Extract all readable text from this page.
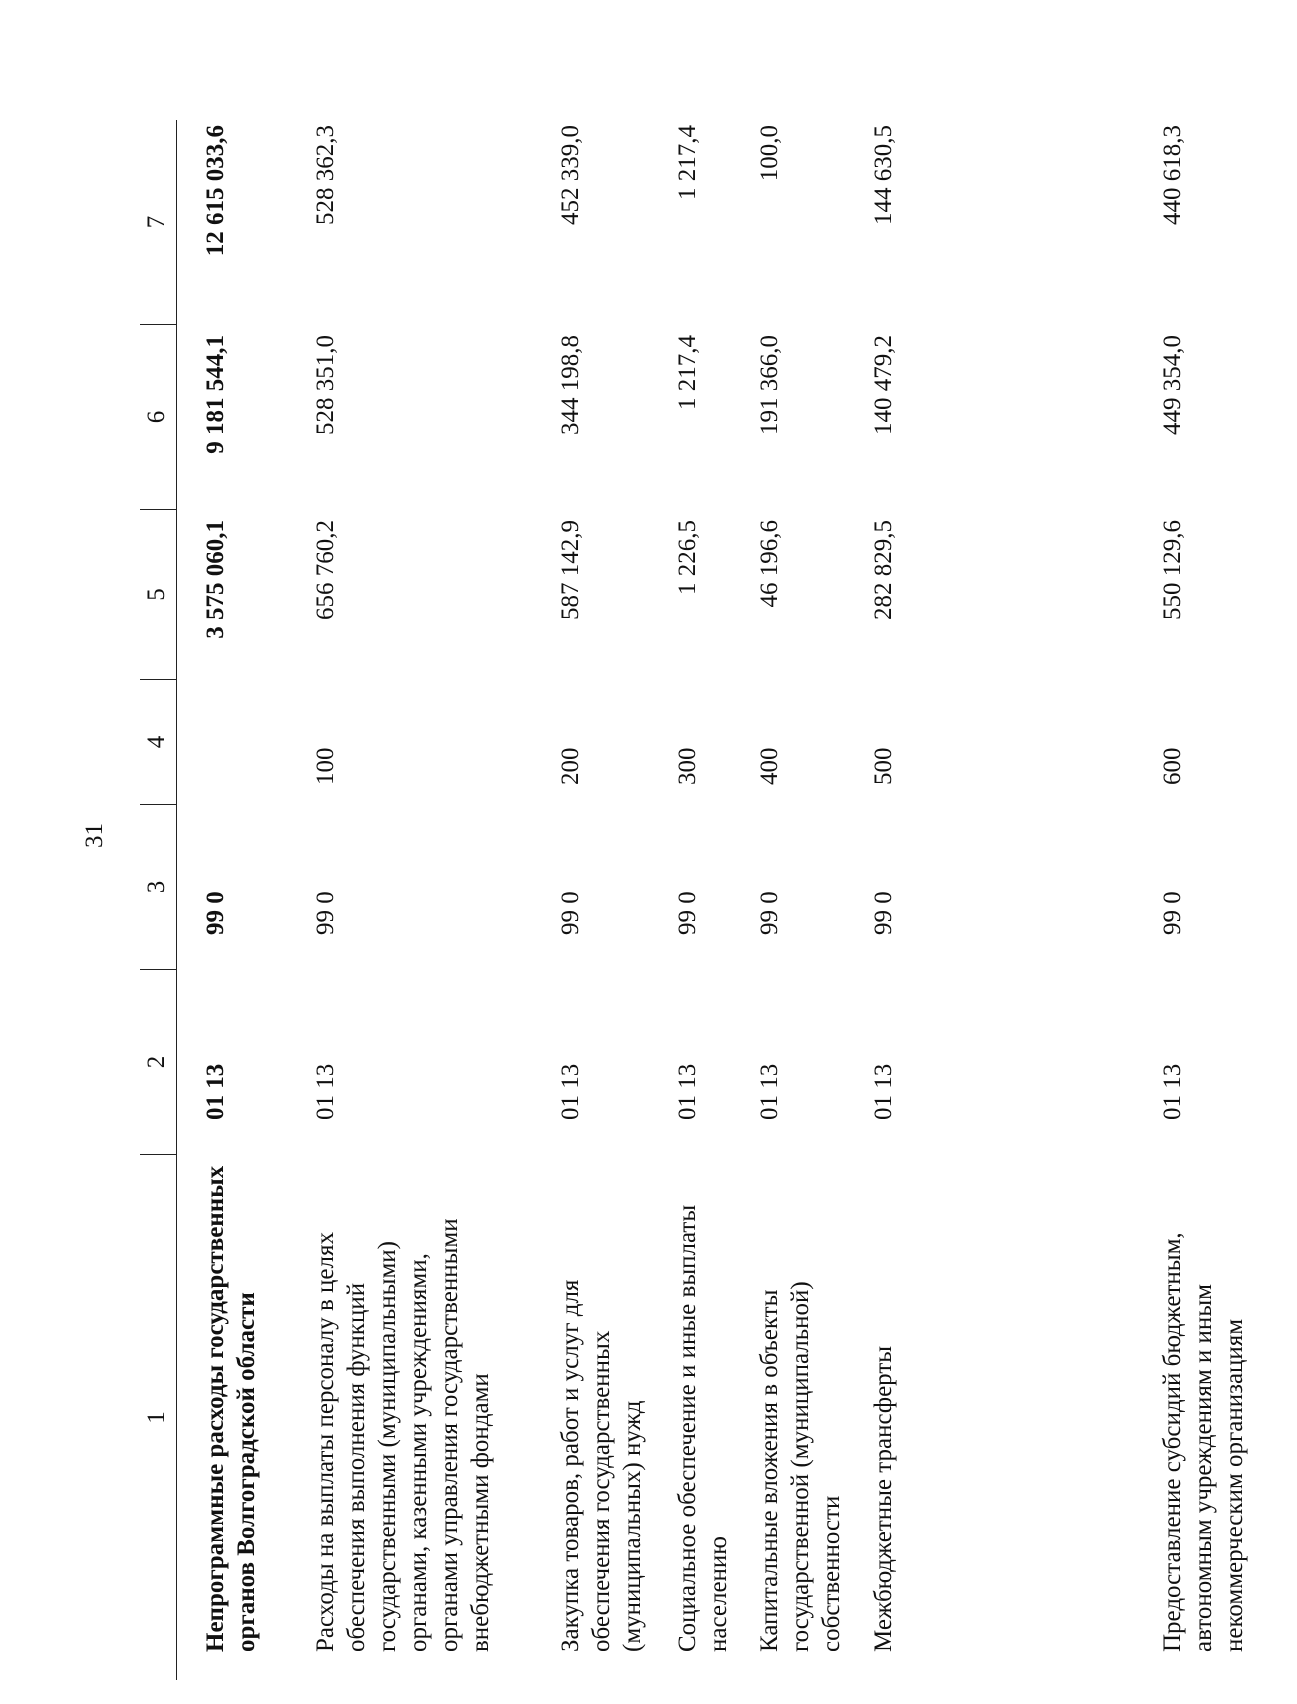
31
1
2
3
4
5
6
7
Непрограммные расходы государственных органов Волгоградской области
01 13
99 0
3 575 060,1
9 181 544,1
12 615 033,6
Расходы на выплаты персоналу в целях обеспечения выполнения функций государственными (муниципальными) органами, казенными учреждениями, органами управления государственными внебюджетными фондами
01 13
99 0
100
656 760,2
528 351,0
528 362,3
Закупка товаров, работ и услуг для обеспечения государственных (муниципальных) нужд
01 13
99 0
200
587 142,9
344 198,8
452 339,0
Социальное обеспечение и иные выплаты населению
01 13
99 0
300
1 226,5
1 217,4
1 217,4
Капитальные вложения в объекты государственной (муниципальной) собственности
01 13
99 0
400
46 196,6
191 366,0
100,0
Межбюджетные трансферты
01 13
99 0
500
282 829,5
140 479,2
144 630,5
Предоставление субсидий бюджетным, автономным учреждениям и иным некоммерческим организациям
01 13
99 0
600
550 129,6
449 354,0
440 618,3
